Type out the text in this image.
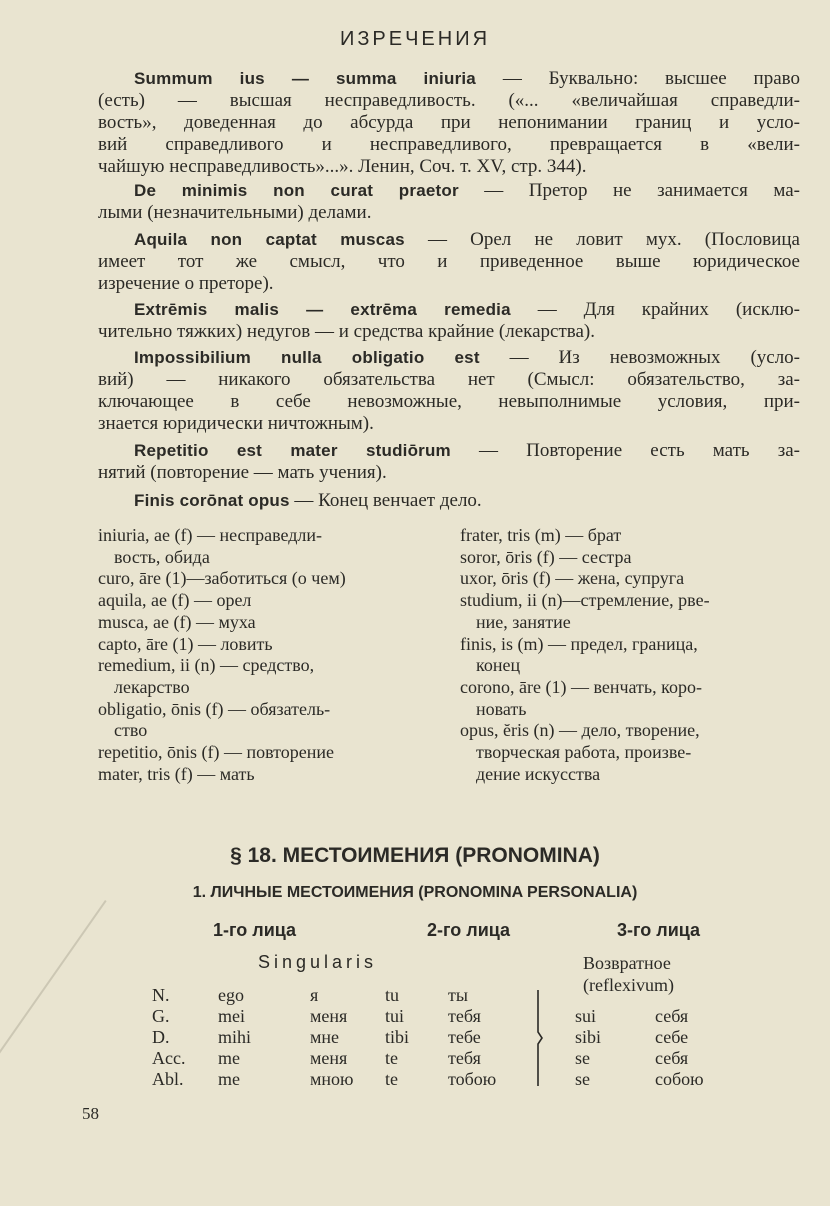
ИЗРЕЧЕНИЯ
Summum ius — summa iniuria — Буквально: высшее право
(есть) — высшая несправедливость. («... «величайшая справедли-
вость», доведенная до абсурда при непонимании границ и усло-
вий справедливого и несправедливого, превращается в «вели-
чайшую несправедливость»...». Ленин, Соч. т. XV, стр. 344).
De minimis non curat praetor — Претор не занимается ма-
лыми (незначительными) делами.
Aquila non captat muscas — Орел не ловит мух. (Пословица
имеет тот же смысл, что и приведенное выше юридическое
изречение о преторе).
Extrēmis malis — extrēma remedia — Для крайних (исклю-
чительно тяжких) недугов — и средства крайние (лекарства).
Impossibilium nulla obligatio est — Из невозможных (усло-
вий) — никакого обязательства нет (Смысл: обязательство, за-
ключающее в себе невозможные, невыполнимые условия, при-
знается юридически ничтожным).
Repetitio est mater studiōrum — Повторение есть мать за-
нятий (повторение — мать учения).
Finis corōnat opus — Конец венчает дело.
iniuria, ae (f) — несправедли-
вость, обида
curo, āre (1)—заботиться (о чем)
aquila, ae (f) — орел
musca, ae (f) — муха
capto, āre (1) — ловить
remedium, ii (n) — средство,
лекарство
obligatio, ōnis (f) — обязатель-
ство
repetitio, ōnis (f) — повторение
mater, tris (f) — мать
frater, tris (m) — брат
soror, ōris (f) — сестра
uxor, ōris (f) — жена, супруга
studium, ii (n)—стремление, рве-
ние, занятие
finis, is (m) — предел, граница,
конец
corono, āre (1) — венчать, коро-
новать
opus, ĕris (n) — дело, творение,
творческая работа, произве-
дение искусства
§ 18. МЕСТОИМЕНИЯ (PRONOMINA)
1. ЛИЧНЫЕ МЕСТОИМЕНИЯ (PRONOMINA PERSONALIA)
1-го лица	2-го лица	3-го лица
Singularis	Возвратное
(reflexivum)
N.	ego	я	tu	ты
G.	mei	меня tui тебя	sui	себя
D.	mihi	мне	tibi тебе	sibi	себе
Acc. me	меня te	тебя	se	себя
Abl. me	мною te	тобою	se	собою
58
